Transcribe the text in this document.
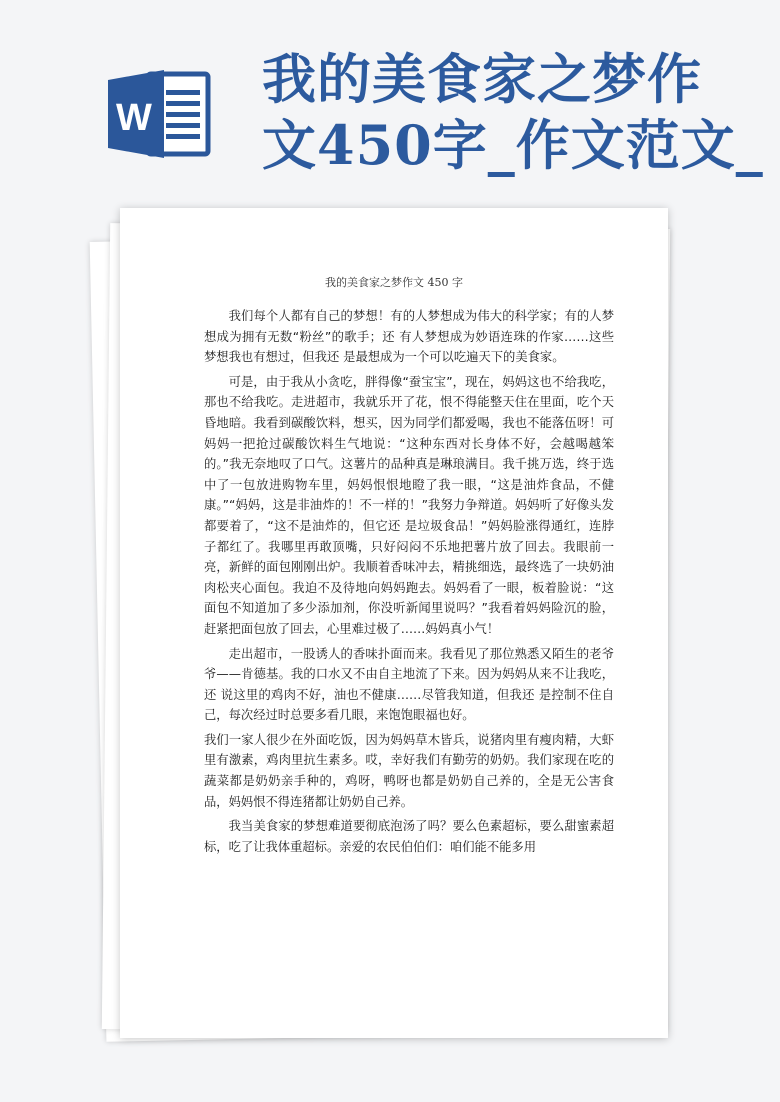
W
我的美食家之梦作
文450字_作文范文_
我的美食家之梦作文 450 字

我们每个人都有自己的梦想！有的人梦想成为伟大的科学家；有的人梦想成为拥有无数“粉丝”的歌手；还 有人梦想成为妙语连珠的作家……这些梦想我也有想过，但我还 是最想成为一个可以吃遍天下的美食家。

可是，由于我从小贪吃，胖得像“蚕宝宝”，现在，妈妈这也不给我吃，那也不给我吃。走进超市，我就乐开了花，恨不得能整天住在里面，吃个天昏地暗。我看到碳酸饮料，想买，因为同学们都爱喝，我也不能落伍呀！可妈妈一把抢过碳酸饮料生气地说：“这种东西对长身体不好，会越喝越笨的。”我无奈地叹了口气。这薯片的品种真是琳琅满目。我千挑万选，终于选中了一包放进购物车里，妈妈恨恨地瞪了我一眼，“这是油炸食品，不健康。”“妈妈，这是非油炸的！不一样的！”我努力争辩道。妈妈听了好像头发都要着了，“这不是油炸的，但它还 是垃圾食品！”妈妈脸涨得通红，连脖子都红了。我哪里再敢顶嘴，只好闷闷不乐地把薯片放了回去。我眼前一亮，新鲜的面包刚刚出炉。我顺着香味冲去，精挑细选，最终选了一块奶油肉松夹心面包。我迫不及待地向妈妈跑去。妈妈看了一眼，板着脸说：“这面包不知道加了多少添加剂，你没听新闻里说吗？”我看着妈妈险沉的脸，赶紧把面包放了回去，心里难过极了……妈妈真小气！

走出超市，一股诱人的香味扑面而来。我看见了那位熟悉又陌生的老爷爷——肯德基。我的口水又不由自主地流了下来。因为妈妈从来不让我吃，还 说这里的鸡肉不好，油也不健康……尽管我知道，但我还 是控制不住自己，每次经过时总要多看几眼，来饱饱眼福也好。

我们一家人很少在外面吃饭，因为妈妈草木皆兵，说猪肉里有瘦肉精，大虾里有激素，鸡肉里抗生素多。哎，幸好我们有勤劳的奶奶。我们家现在吃的蔬菜都是奶奶亲手种的，鸡呀，鸭呀也都是奶奶自己养的，全是无公害食品，妈妈恨不得连猪都让奶奶自己养。

我当美食家的梦想难道要彻底泡汤了吗？要么色素超标，要么甜蜜素超标，吃了让我体重超标。亲爱的农民伯伯们：咱们能不能多用
